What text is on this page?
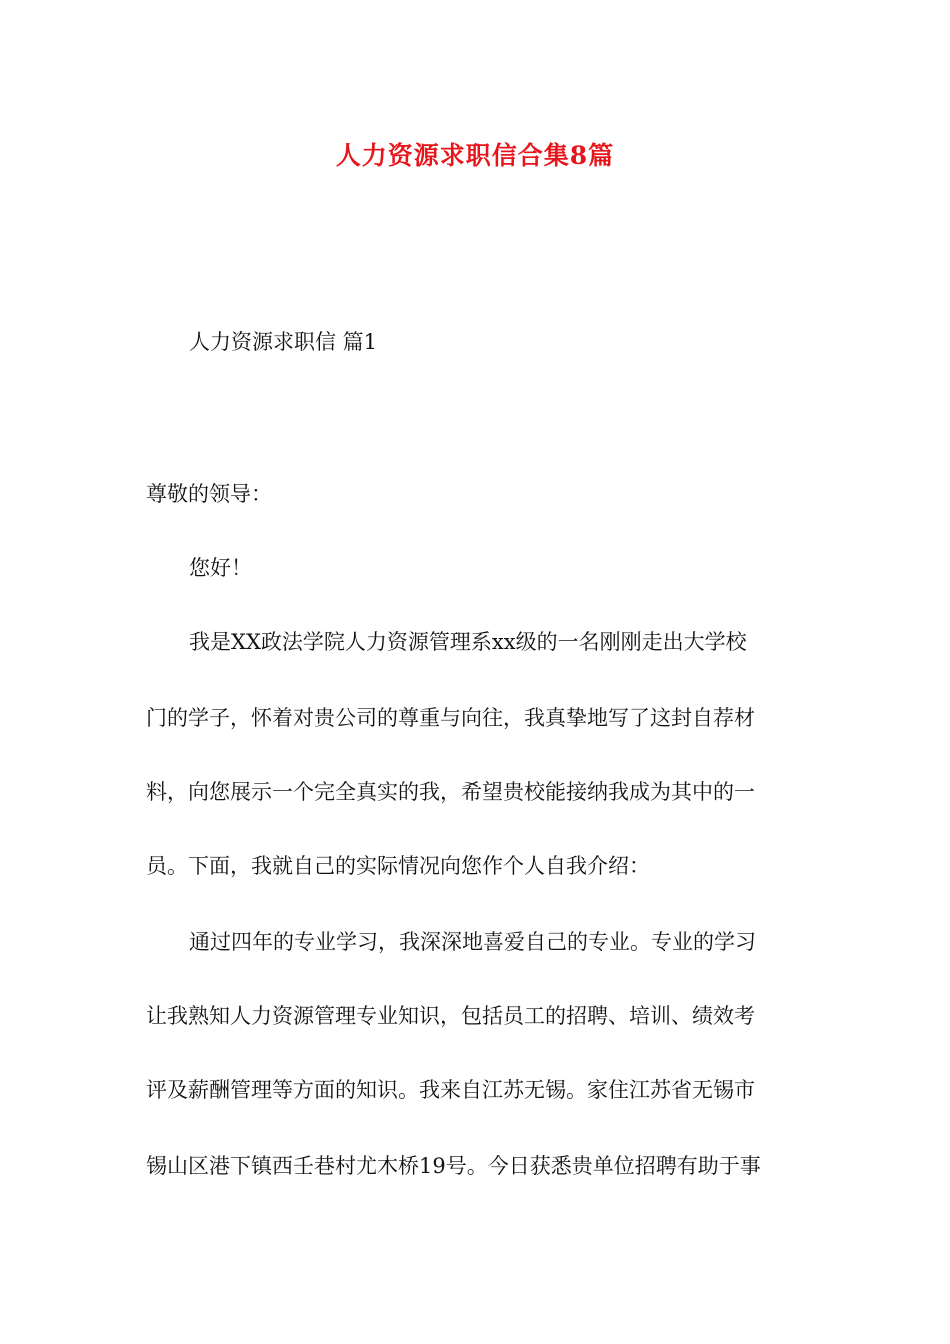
人力资源求职信合集8篇
人力资源求职信 篇1

尊敬的领导：

您好！

我是XX政法学院人力资源管理系xx级的一名刚刚走出大学校

门的学子，怀着对贵公司的尊重与向往，我真挚地写了这封自荐材

料，向您展示一个完全真实的我，希望贵校能接纳我成为其中的一

员。下面，我就自己的实际情况向您作个人自我介绍：

通过四年的专业学习，我深深地喜爱自己的专业。专业的学习

让我熟知人力资源管理专业知识，包括员工的招聘、培训、绩效考

评及薪酬管理等方面的知识。我来自江苏无锡。家住江苏省无锡市

锡山区港下镇西壬巷村尤木桥19号。今日获悉贵单位招聘有助于事
